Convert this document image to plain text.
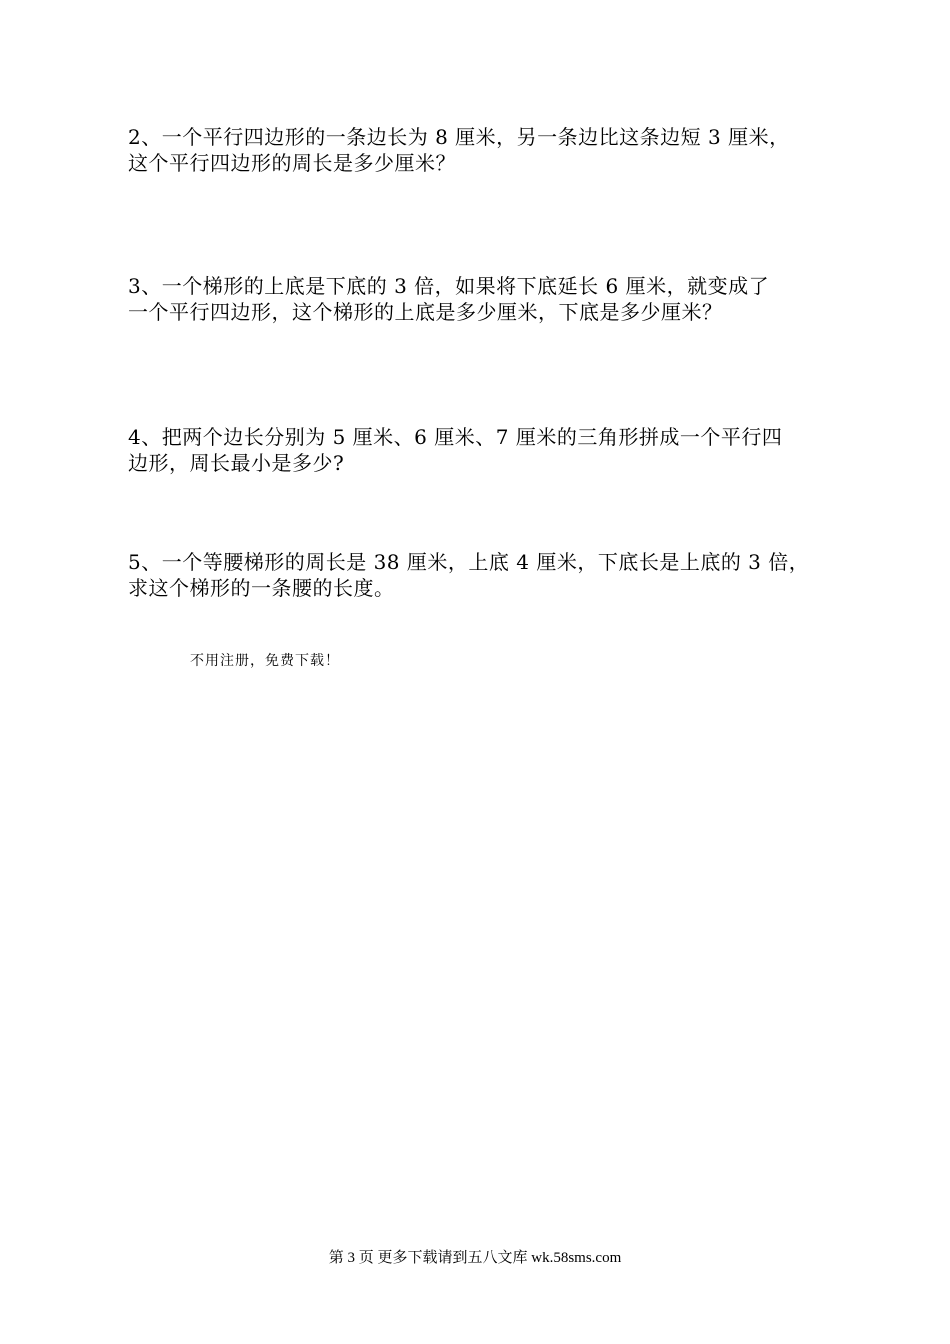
2、一个平行四边形的一条边长为 8 厘米，另一条边比这条边短 3 厘米，
这个平行四边形的周长是多少厘米？

3、一个梯形的上底是下底的 3 倍，如果将下底延长 6 厘米，就变成了
一个平行四边形，这个梯形的上底是多少厘米，下底是多少厘米？

4、把两个边长分别为 5 厘米、6 厘米、7 厘米的三角形拼成一个平行四
边形，周长最小是多少?

5、一个等腰梯形的周长是 38 厘米，上底 4 厘米，下底长是上底的 3 倍，
求这个梯形的一条腰的长度。

不用注册，免费下载！

第 3 页 更多下载请到五八文库 wk.58sms.com
